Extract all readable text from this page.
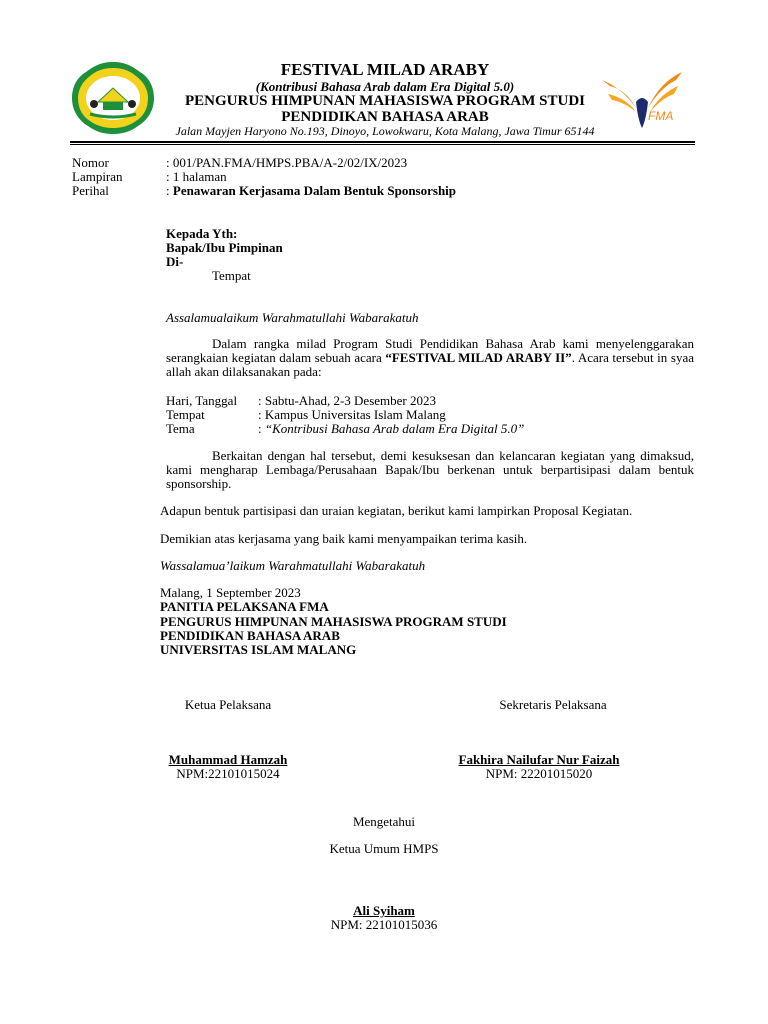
FESTIVAL MILAD ARABY
(Kontribusi Bahasa Arab dalam Era Digital 5.0)
PENGURUS HIMPUNAN MAHASISWA PROGRAM STUDI
PENDIDIKAN BAHASA ARAB
Jalan Mayjen Haryono No.193, Dinoyo, Lowokwaru, Kota Malang, Jawa Timur 65144
FMA
Nomor	: 001/PAN.FMA/HMPS.PBA/A-2/02/IX/2023
Lampiran	: 1 halaman
Perihal	: Penawaran Kerjasama Dalam Bentuk Sponsorship
Kepada Yth:
Bapak/Ibu Pimpinan
Di-
Tempat
Assalamualaikum Warahmatullahi Wabarakatuh

Dalam rangka milad Program Studi Pendidikan Bahasa Arab kami menyelenggarakan serangkaian kegiatan dalam sebuah acara “FESTIVAL MILAD ARABY II”. Acara tersebut in syaa allah akan dilaksanakan pada:

Hari, Tanggal : Sabtu-Ahad, 2-3 Desember 2023
Tempat	: Kampus Universitas Islam Malang
Tema	: “Kontribusi Bahasa Arab dalam Era Digital 5.0”

Berkaitan dengan hal tersebut, demi kesuksesan dan kelancaran kegiatan yang dimaksud, kami mengharap Lembaga/Perusahaan Bapak/Ibu berkenan untuk berpartisipasi dalam bentuk sponsorship.

Adapun bentuk partisipasi dan uraian kegiatan, berikut kami lampirkan Proposal Kegiatan.
Demikian atas kerjasama yang baik kami menyampaikan terima kasih.
Wassalamua’laikum Warahmatullahi Wabarakatuh
Malang, 1 September 2023
PANITIA PELAKSANA FMA
PENGURUS HIMPUNAN MAHASISWA PROGRAM STUDI
PENDIDIKAN BAHASA ARAB
UNIVERSITAS ISLAM MALANG
Ketua Pelaksana	Sekretaris Pelaksana
Muhammad Hamzah
NPM:22101015024
Fakhira Nailufar Nur Faizah
NPM: 22201015020
Mengetahui
Ketua Umum HMPS
Ali Syiham
NPM: 22101015036
